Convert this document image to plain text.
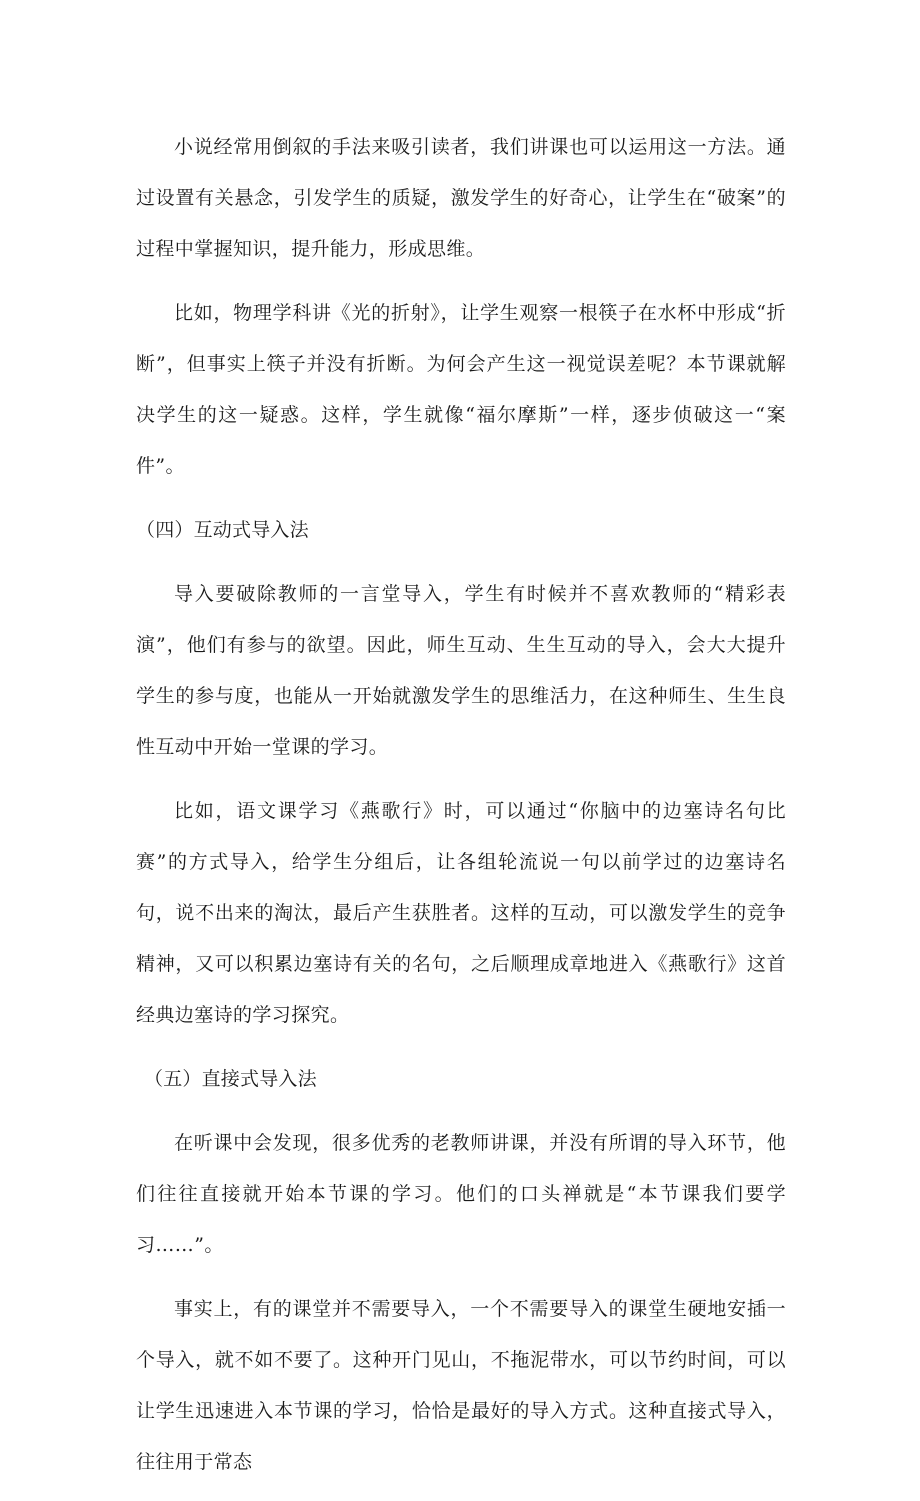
小说经常用倒叙的手法来吸引读者，我们讲课也可以运用这一方法。通过设置有关悬念，引发学生的质疑，激发学生的好奇心，让学生在“破案”的过程中掌握知识，提升能力，形成思维。

比如，物理学科讲《光的折射》，让学生观察一根筷子在水杯中形成“折断”，但事实上筷子并没有折断。为何会产生这一视觉误差呢？本节课就解决学生的这一疑惑。这样，学生就像“福尔摩斯”一样，逐步侦破这一“案件”。

（四）互动式导入法

导入要破除教师的一言堂导入，学生有时候并不喜欢教师的“精彩表演”，他们有参与的欲望。因此，师生互动、生生互动的导入，会大大提升学生的参与度，也能从一开始就激发学生的思维活力，在这种师生、生生良性互动中开始一堂课的学习。

比如，语文课学习《燕歌行》时，可以通过“你脑中的边塞诗名句比赛”的方式导入，给学生分组后，让各组轮流说一句以前学过的边塞诗名句，说不出来的淘汰，最后产生获胜者。这样的互动，可以激发学生的竞争精神，又可以积累边塞诗有关的名句，之后顺理成章地进入《燕歌行》这首经典边塞诗的学习探究。

（五）直接式导入法

在听课中会发现，很多优秀的老教师讲课，并没有所谓的导入环节，他们往往直接就开始本节课的学习。他们的口头禅就是“本节课我们要学习……”。

事实上，有的课堂并不需要导入，一个不需要导入的课堂生硬地安插一个导入，就不如不要了。这种开门见山，不拖泥带水，可以节约时间，可以让学生迅速进入本节课的学习，恰恰是最好的导入方式。这种直接式导入，往往用于常态
